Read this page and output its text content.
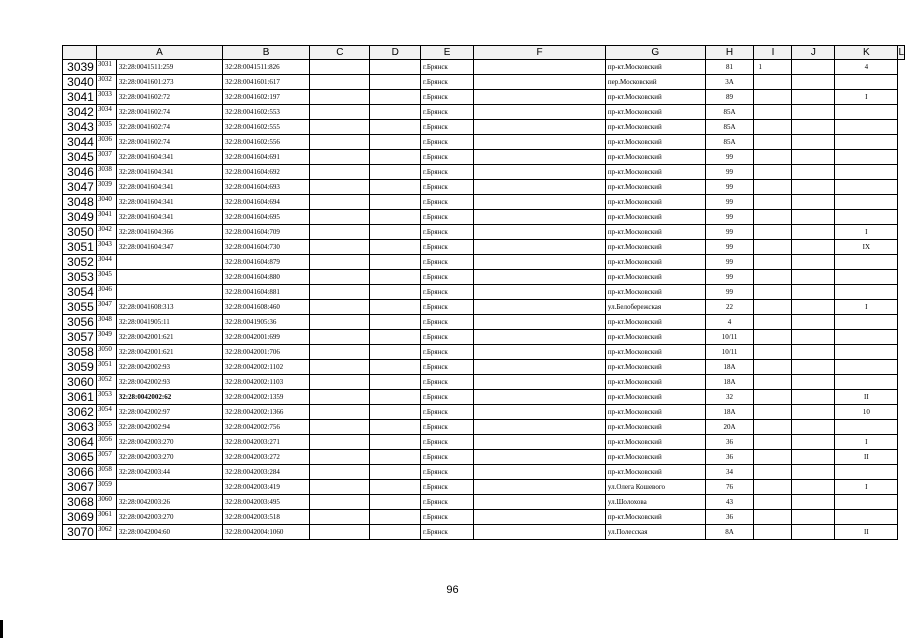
	A		B	C	D	E	F	G	H	I	J	K	L
3039	3031	32:28:0041511:259	32:28:0041511:826			г.Брянск		пр-кт.Московский	81	1		4	
3040	3032	32:28:0041601:273	32:28:0041601:617			г.Брянск		пер.Московский	3А				
3041	3033	32:28:0041602:72	32:28:0041602:197			г.Брянск		пр-кт.Московский	89			I	
3042	3034	32:28:0041602:74	32:28:0041602:553			г.Брянск		пр-кт.Московский	85А				
3043	3035	32:28:0041602:74	32:28:0041602:555			г.Брянск		пр-кт.Московский	85А				
3044	3036	32:28:0041602:74	32:28:0041602:556			г.Брянск		пр-кт.Московский	85А				
3045	3037	32:28:0041604:341	32:28:0041604:691			г.Брянск		пр-кт.Московский	99				
3046	3038	32:28:0041604:341	32:28:0041604:692			г.Брянск		пр-кт.Московский	99				
3047	3039	32:28:0041604:341	32:28:0041604:693			г.Брянск		пр-кт.Московский	99				
3048	3040	32:28:0041604:341	32:28:0041604:694			г.Брянск		пр-кт.Московский	99				
3049	3041	32:28:0041604:341	32:28:0041604:695			г.Брянск		пр-кт.Московский	99				
3050	3042	32:28:0041604:366	32:28:0041604:709			г.Брянск		пр-кт.Московский	99			I	
3051	3043	32:28:0041604:347	32:28:0041604:730			г.Брянск		пр-кт.Московский	99			IX	
3052	3044		32:28:0041604:879			г.Брянск		пр-кт.Московский	99				
3053	3045		32:28:0041604:880			г.Брянск		пр-кт.Московский	99				
3054	3046		32:28:0041604:881			г.Брянск		пр-кт.Московский	99				
3055	3047	32:28:0041608:313	32:28:0041608:460			г.Брянск		ул.Белобережская	22			I	
3056	3048	32:28:0041905:11	32:28:0041905:36			г.Брянск		пр-кт.Московский	4				
3057	3049	32:28:0042001:621	32:28:0042001:699			г.Брянск		пр-кт.Московский	10/11				
3058	3050	32:28:0042001:621	32:28:0042001:706			г.Брянск		пр-кт.Московский	10/11				
3059	3051	32:28:0042002:93	32:28:0042002:1102			г.Брянск		пр-кт.Московский	18А				
3060	3052	32:28:0042002:93	32:28:0042002:1103			г.Брянск		пр-кт.Московский	18А				
3061	3053	32:28:0042002:62	32:28:0042002:1359			г.Брянск		пр-кт.Московский	32			II	
3062	3054	32:28:0042002:97	32:28:0042002:1366			г.Брянск		пр-кт.Московский	18А			10	
3063	3055	32:28:0042002:94	32:28:0042002:756			г.Брянск		пр-кт.Московский	20А				
3064	3056	32:28:0042003:270	32:28:0042003:271			г.Брянск		пр-кт.Московский	36			I	
3065	3057	32:28:0042003:270	32:28:0042003:272			г.Брянск		пр-кт.Московский	36			II	
3066	3058	32:28:0042003:44	32:28:0042003:284			г.Брянск		пр-кт.Московский	34				
3067	3059		32:28:0042003:419			г.Брянск		ул.Олега Кошевого	76			I	
3068	3060	32:28:0042003:26	32:28:0042003:495			г.Брянск		ул.Шолохова	43				
3069	3061	32:28:0042003:270	32:28:0042003:518			г.Брянск		пр-кт.Московский	36				
3070	3062	32:28:0042004:60	32:28:0042004:1060			г.Брянск		ул.Полесская	8А			II	
96
